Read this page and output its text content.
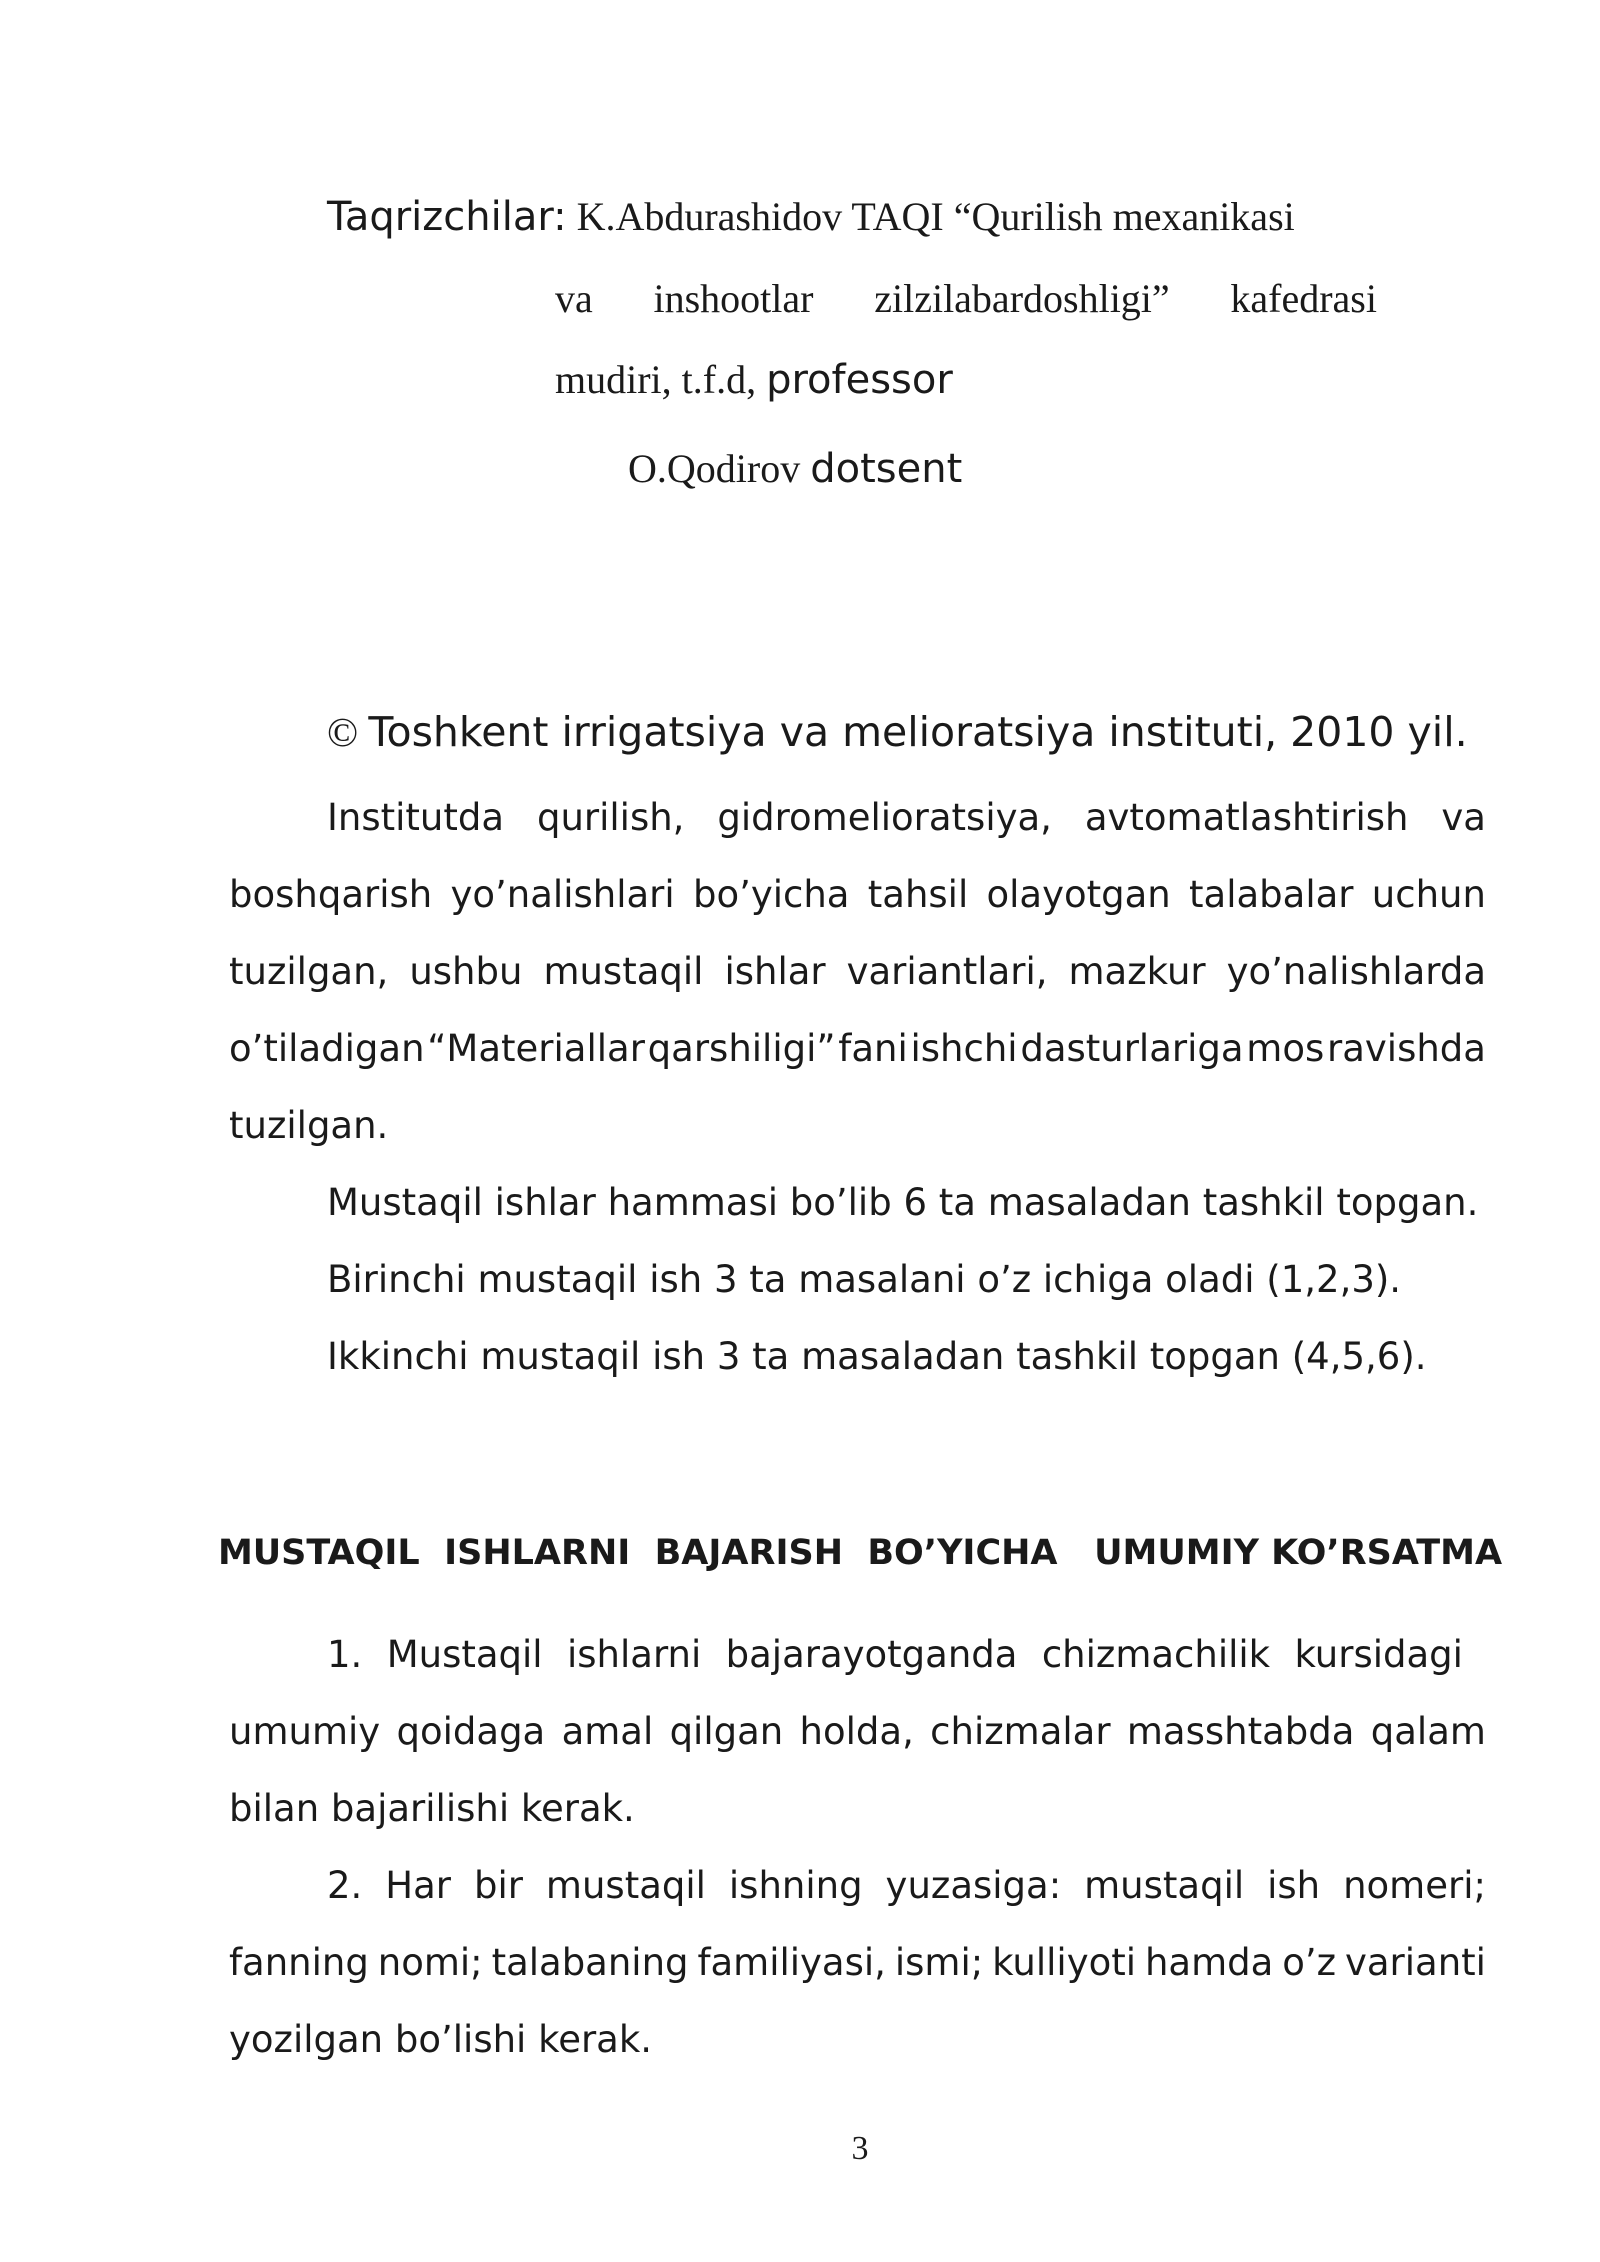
Taqrizchilar: K.Abdurashidov TAQI “Qurilish mexanikasi
va inshootlar zilzilabardoshligi” kafedrasi
mudiri, t.f.d, professor
O.Qodirov dotsent
© Toshkent irrigatsiya va melioratsiya instituti, 2010 yil.
Institutda qurilish, gidromelioratsiya, avtomatlashtirish va
boshqarish yo’nalishlari bo’yicha tahsil olayotgan talabalar uchun
tuzilgan, ushbu mustaqil ishlar variantlari, mazkur yo’nalishlarda
o’tiladigan “Materiallar qarshiligi” fani ishchi dasturlariga mos ravishda
tuzilgan.
Mustaqil ishlar hammasi bo’lib 6 ta masaladan tashkil topgan.
Birinchi mustaqil ish 3 ta masalani o’z ichiga oladi (1,2,3).
Ikkinchi mustaqil ish 3 ta masaladan tashkil topgan (4,5,6).
MUSTAQIL  ISHLARNI  BAJARISH  BO’YICHA   UMUMIY KO’RSATMA
1. Mustaqil ishlarni bajarayotganda chizmachilik kursidagi
umumiy qoidaga amal qilgan holda, chizmalar masshtabda qalam
bilan bajarilishi kerak.
2. Har bir mustaqil ishning yuzasiga: mustaqil ish nomeri;
fanning nomi; talabaning familiyasi, ismi; kulliyoti hamda o’z varianti
yozilgan bo’lishi kerak.
3
